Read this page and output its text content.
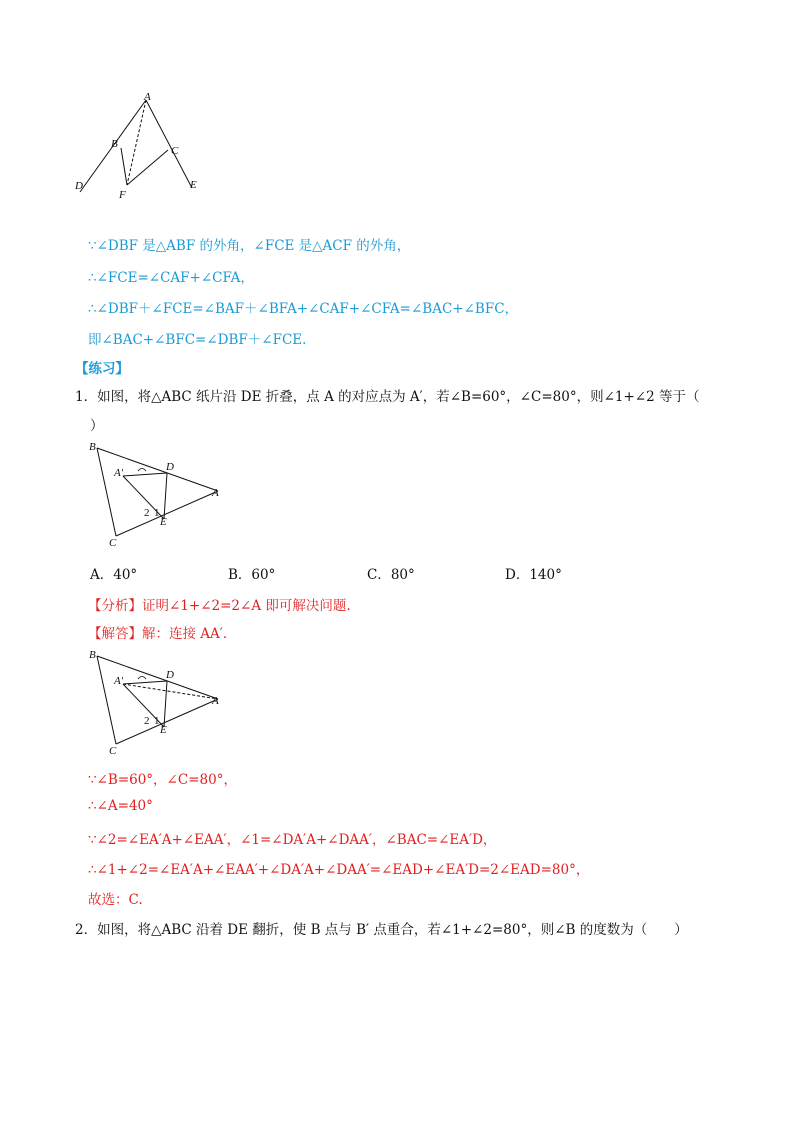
A
B
C
D	E
F
∵∠DBF 是△ABF 的外角，∠FCE 是△ACF 的外角，
∴∠FCE=∠CAF+∠CFA，
∴∠DBF＋∠FCE=∠BAF＋∠BFA+∠CAF+∠CFA=∠BAC+∠BFC，
即∠BAC+∠BFC=∠DBF＋∠FCE.
【练习】
1．如图，将△ABC 纸片沿 DE 折叠，点 A 的对应点为 A′，若∠B=60°，∠C=80°，则∠1+∠2 等于（
）
B
A′	D
A
2 1
E
C
A．40°	B．60°	C．80°	D．140°
【分析】证明∠1+∠2=2∠A 即可解决问题.
【解答】解：连接 AA′．
B
A′	D
A
2 1
E
C
∵∠B=60°，∠C=80°，
∴∠A=40°
∵∠2=∠EA′A+∠EAA′，∠1=∠DA′A+∠DAA′，∠BAC=∠EA′D，
∴∠1+∠2=∠EA′A+∠EAA′+∠DA′A+∠DAA′=∠EAD+∠EA′D=2∠EAD=80°，
故选：C.
2．如图，将△ABC 沿着 DE 翻折，使 B 点与 B′ 点重合，若∠1+∠2=80°，则∠B 的度数为（　　）
